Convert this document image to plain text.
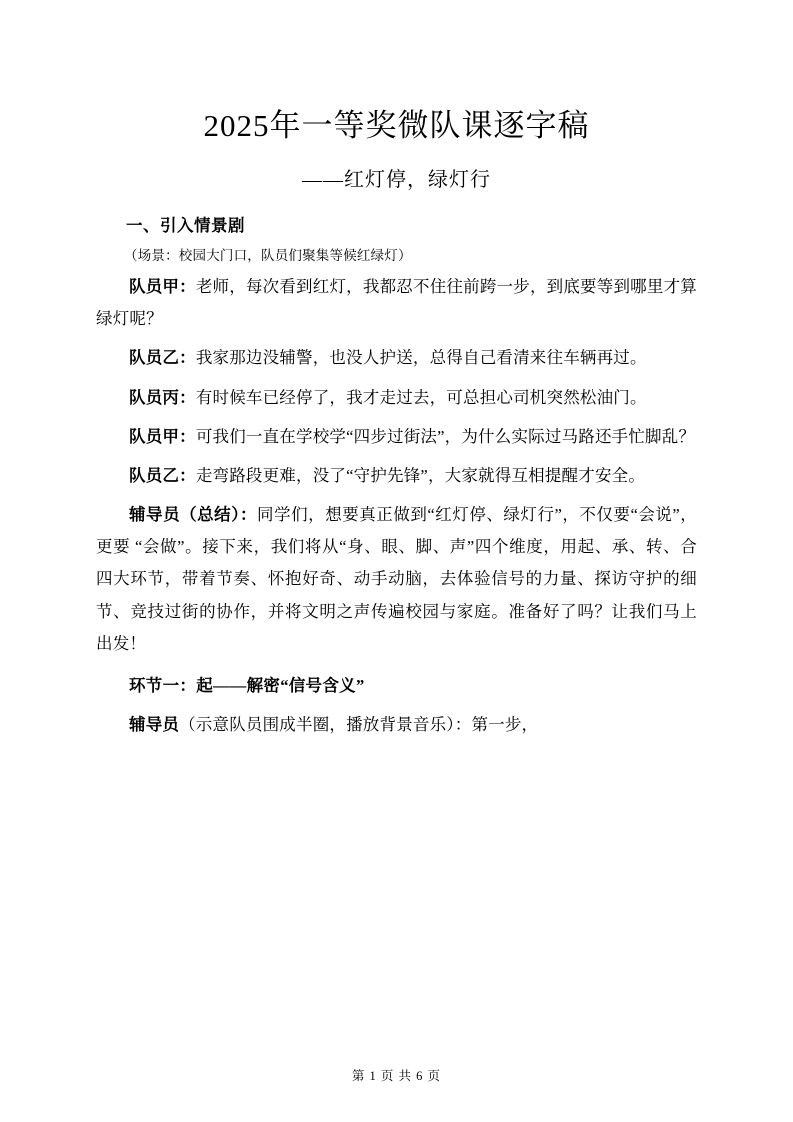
2025年一等奖微队课逐字稿
——红灯停，绿灯行
一、引入情景剧
（场景：校园大门口，队员们聚集等候红绿灯）

队员甲：老师，每次看到红灯，我都忍不住往前跨一步，到底要等到哪里才算绿灯呢？

队员乙：我家那边没辅警，也没人护送，总得自己看清来往车辆再过。

队员丙：有时候车已经停了，我才走过去，可总担心司机突然松油门。

队员甲：可我们一直在学校学“四步过街法”，为什么实际过马路还手忙脚乱？

队员乙：走弯路段更难，没了“守护先锋”，大家就得互相提醒才安全。

辅导员（总结）：同学们，想要真正做到“红灯停、绿灯行”，不仅要“会说”，更要 “会做”。接下来，我们将从“身、眼、脚、声”四个维度，用起、承、转、合四大环节，带着节奏、怀抱好奇、动手动脑，去体验信号的力量、探访守护的细节、竞技过街的协作，并将文明之声传遍校园与家庭。准备好了吗？让我们马上出发！

环节一：起——解密“信号含义”

辅导员（示意队员围成半圈，播放背景音乐）：第一步，

第 1 页 共 6 页
